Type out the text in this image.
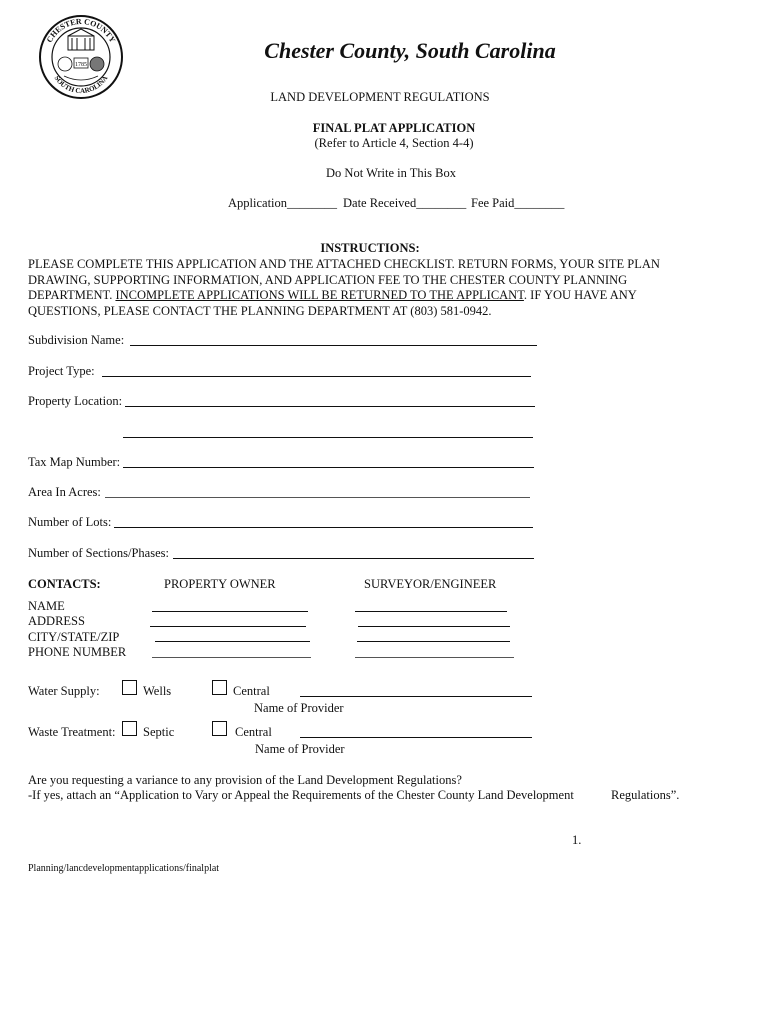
CHESTER COUNTY
SOUTH CAROLINA
1785
Chester County, South Carolina
LAND DEVELOPMENT REGULATIONS
FINAL PLAT APPLICATION
(Refer to Article 4, Section 4-4)
Do Not Write in This Box
Application________ Date Received________ Fee Paid________
INSTRUCTIONS:
PLEASE COMPLETE THIS APPLICATION AND THE ATTACHED CHECKLIST. RETURN FORMS, YOUR SITE PLAN
DRAWING, SUPPORTING INFORMATION, AND APPLICATION FEE TO THE CHESTER COUNTY PLANNING
DEPARTMENT. INCOMPLETE APPLICATIONS WILL BE RETURNED TO THE APPLICANT. IF YOU HAVE ANY
QUESTIONS, PLEASE CONTACT THE PLANNING DEPARTMENT AT (803) 581-0942.
Subdivision Name:
Project Type:
Property Location:
Tax Map Number:
Area In Acres:
Number of Lots:
Number of Sections/Phases:
CONTACTS:	PROPERTY OWNER	SURVEYOR/ENGINEER
NAME
ADDRESS
CITY/STATE/ZIP
PHONE NUMBER
Water Supply:	Wells	Central
Name of Provider
Waste Treatment: Septic	Central
Name of Provider
Are you requesting a variance to any provision of the Land Development Regulations?
-If yes, attach an “Application to Vary or Appeal the Requirements of the Chester County Land Development	Regulations”.
1.
Planning/lancdevelopmentapplications/finalplat
